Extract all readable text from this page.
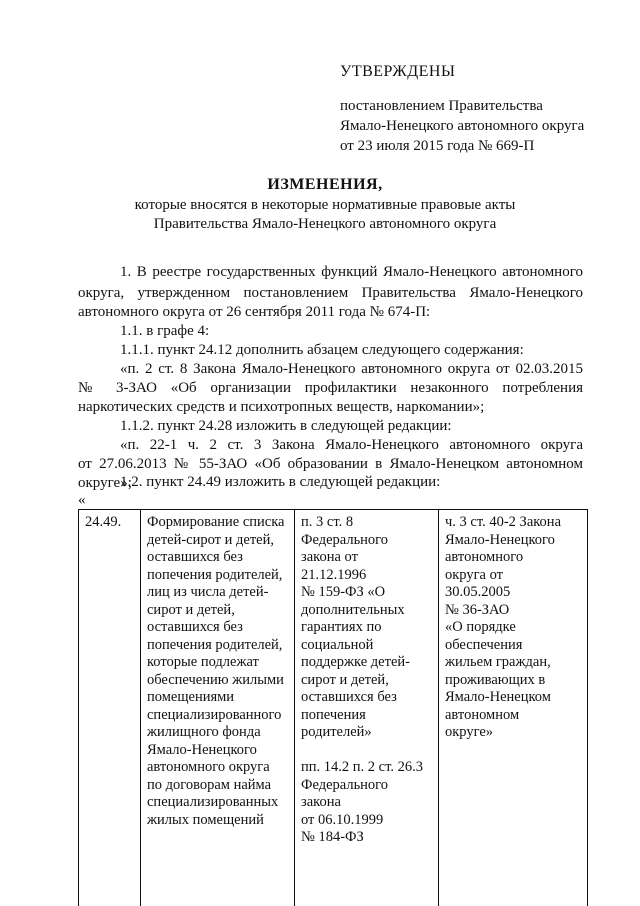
УТВЕРЖДЕНЫ
постановлением Правительства
Ямало-Ненецкого автономного округа
от 23 июля 2015 года № 669-П
ИЗМЕНЕНИЯ,
которые вносятся в некоторые нормативные правовые акты
Правительства Ямало-Ненецкого автономного округа
1. В реестре государственных функций Ямало-Ненецкого автономного
округа, утвержденном постановлением Правительства Ямало-Ненецкого
автономного округа от 26 сентября 2011 года № 674-П:
1.1. в графе 4:
1.1.1. пункт 24.12 дополнить абзацем следующего содержания:
«п. 2 ст. 8 Закона Ямало-Ненецкого автономного округа от 02.03.2015
№ 3-ЗАО «Об организации профилактики незаконного потребления
наркотических средств и психотропных веществ, наркомании»;
1.1.2. пункт 24.28 изложить в следующей редакции:
«п. 22-1 ч. 2 ст. 3 Закона Ямало-Ненецкого автономного округа
от 27.06.2013 № 55-ЗАО «Об образовании в Ямало-Ненецком автономном
округе»;
1.2. пункт 24.49 изложить в следующей редакции:
«
24.49. Формирование списка
детей-сирот и детей,
оставшихся без
попечения родителей,
лиц из числа детей-
сирот и детей,
оставшихся без
попечения родителей,
которые подлежат
обеспечению жилыми
помещениями
специализированного
жилищного фонда
Ямало-Ненецкого
автономного округа
по договорам найма
специализированных
жилых помещений
п. 3 ст. 8
Федерального
закона от
21.12.1996
№ 159-ФЗ «О
дополнительных
гарантиях по
социальной
поддержке детей-
сирот и детей,
оставшихся без
попечения
родителей»
пп. 14.2 п. 2 ст. 26.3
Федерального
закона
от 06.10.1999
№ 184-ФЗ
ч. 3 ст. 40-2 Закона
Ямало-Ненецкого
автономного
округа от
30.05.2005
№ 36-ЗАО
«О порядке
обеспечения
жильем граждан,
проживающих в
Ямало-Ненецком
автономном
округе»
